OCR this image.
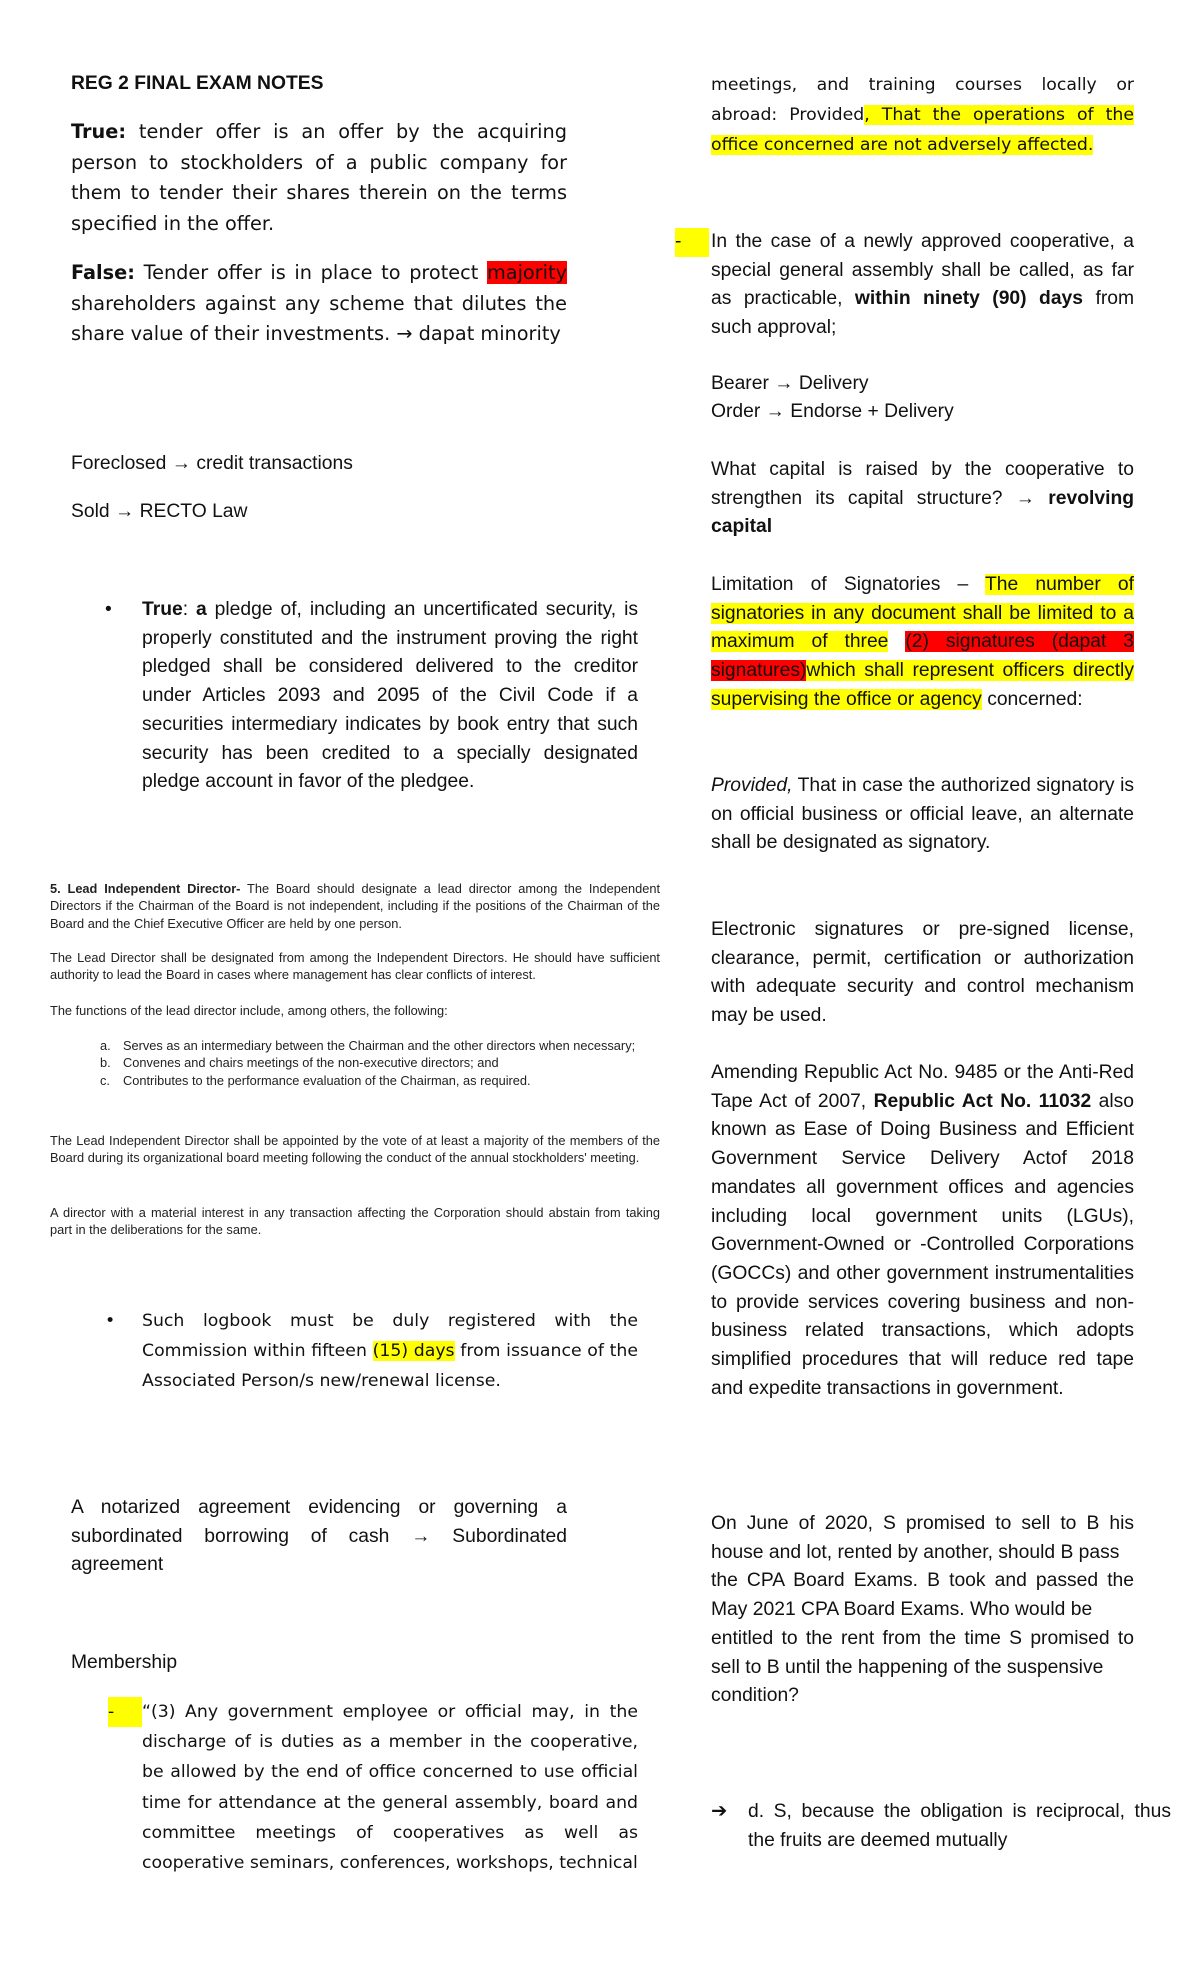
REG 2 FINAL EXAM NOTES

True: tender offer is an offer by the acquiring person to stockholders of a public company for them to tender their shares therein on the terms specified in the offer.

False: Tender offer is in place to protect majority shareholders against any scheme that dilutes the share value of their investments. → dapat minority

Foreclosed → credit transactions

Sold → RECTO Law

• True: a pledge of, including an uncertificated security, is properly constituted and the instrument proving the right pledged shall be considered delivered to the creditor under Articles 2093 and 2095 of the Civil Code if a securities intermediary indicates by book entry that such security has been credited to a specially designated pledge account in favor of the pledgee.
• Such logbook must be duly registered with the Commission within fifteen (15) days from issuance of the Associated Person/s new/renewal license.

A notarized agreement evidencing or governing a subordinated borrowing of cash → Subordinated agreement

Membership

-	“(3) Any government employee or official may, in the discharge of is duties as a member in the cooperative, be allowed by the end of office concerned to use official time for attendance at the general assembly, board and committee meetings of cooperatives as well as cooperative seminars, conferences, workshops, technical

5. Lead Independent Director- The Board should designate a lead director among the Independent Directors if the Chairman of the Board is not independent, including if the positions of the Chairman of the Board and the Chief Executive Officer are held by one person.

The Lead Director shall be designated from among the Independent Directors. He should have sufficient authority to lead the Board in cases where management has clear conflicts of interest.

The functions of the lead director include, among others, the following:

a. Serves as an intermediary between the Chairman and the other directors when necessary;
b. Convenes and chairs meetings of the non-executive directors; and
c. Contributes to the performance evaluation of the Chairman, as required.

The Lead Independent Director shall be appointed by the vote of at least a majority of the members of the Board during its organizational board meeting following the conduct of the annual stockholders' meeting.

A director with a material interest in any transaction affecting the Corporation should abstain from taking part in the deliberations for the same.

meetings, and training courses locally or abroad: Provided, That the operations of the office concerned are not adversely affected.

-	In the case of a newly approved cooperative, a special general assembly shall be called, as far as practicable, within ninety (90) days from such approval;

Bearer → Delivery

Order → Endorse + Delivery

What capital is raised by the cooperative to strengthen its capital structure? → revolving capital

Limitation of Signatories – The number of signatories in any document shall be limited to a maximum of three (2) signatures (dapat 3 signatures)which shall represent officers directly supervising the office or agency concerned:

Provided, That in case the authorized signatory is on official business or official leave, an alternate shall be designated as signatory.

Electronic signatures or pre-signed license, clearance, permit, certification or authorization with adequate security and control mechanism may be used.

Amending Republic Act No. 9485 or the Anti-Red Tape Act of 2007, Republic Act No. 11032 also known as Ease of Doing Business and Efficient Government Service Delivery Actof 2018 mandates all government offices and agencies including local government units (LGUs), Government-Owned or -Controlled Corporations (GOCCs) and other government instrumentalities to provide services covering business and non-business related transactions, which adopts simplified procedures that will reduce red tape and expedite transactions in government.

On June of 2020, S promised to sell to B his house and lot, rented by another, should B pass
the CPA Board Exams. B took and passed the May 2021 CPA Board Exams. Who would be
entitled to the rent from the time S promised to sell to B until the happening of the suspensive
condition?
➔ d. S, because the obligation is reciprocal, thus the fruits are deemed mutually
